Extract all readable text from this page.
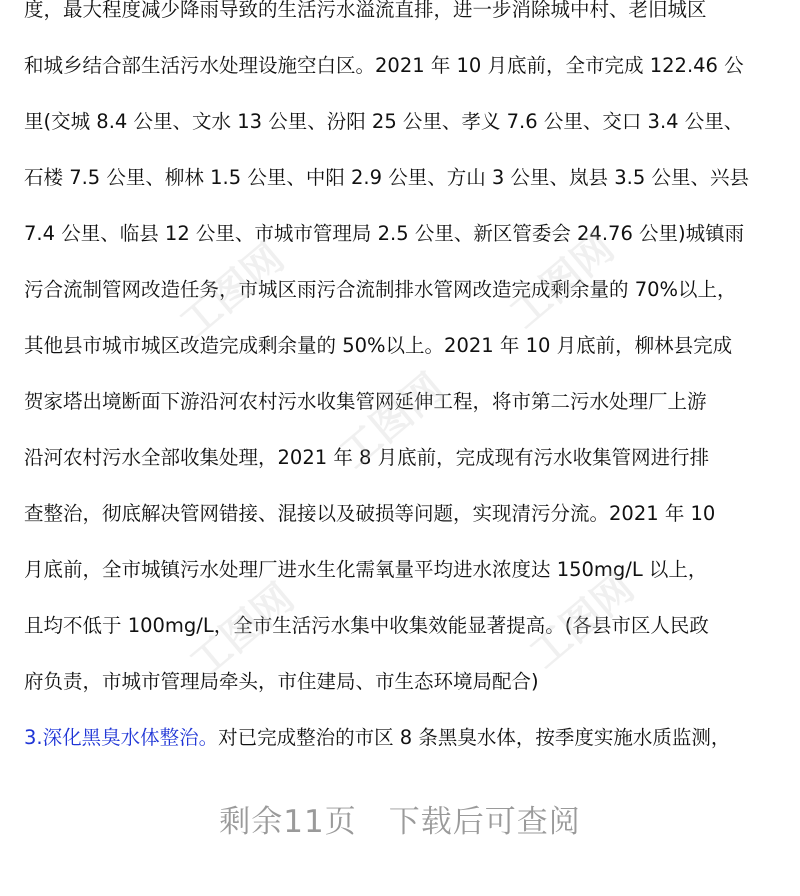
度，最大程度减少降雨导致的生活污水溢流直排，进一步消除城中村、老旧城区
和城乡结合部生活污水处理设施空白区。2021 年 10 月底前，全市完成 122.46 公
里(交城 8.4 公里、文水 13 公里、汾阳 25 公里、孝义 7.6 公里、交口 3.4 公里、
石楼 7.5 公里、柳林 1.5 公里、中阳 2.9 公里、方山 3 公里、岚县 3.5 公里、兴县
7.4 公里、临县 12 公里、市城市管理局 2.5 公里、新区管委会 24.76 公里)城镇雨
污合流制管网改造任务，市城区雨污合流制排水管网改造完成剩余量的 70%以上，
其他县市城市城区改造完成剩余量的 50%以上。2021 年 10 月底前，柳林县完成
贺家塔出境断面下游沿河农村污水收集管网延伸工程，将市第二污水处理厂上游
沿河农村污水全部收集处理，2021 年 8 月底前，完成现有污水收集管网进行排
查整治，彻底解决管网错接、混接以及破损等问题，实现清污分流。2021 年 10
月底前，全市城镇污水处理厂进水生化需氧量平均进水浓度达 150mg/L 以上，
且均不低于 100mg/L，全市生活污水集中收集效能显著提高。(各县市区人民政
府负责，市城市管理局牵头，市住建局、市生态环境局配合)
3.深化黑臭水体整治。对已完成整治的市区 8 条黑臭水体，按季度实施水质监测，
工图网
工图网
工图网
工图网	工图网
剩余11页 下载后可查阅
